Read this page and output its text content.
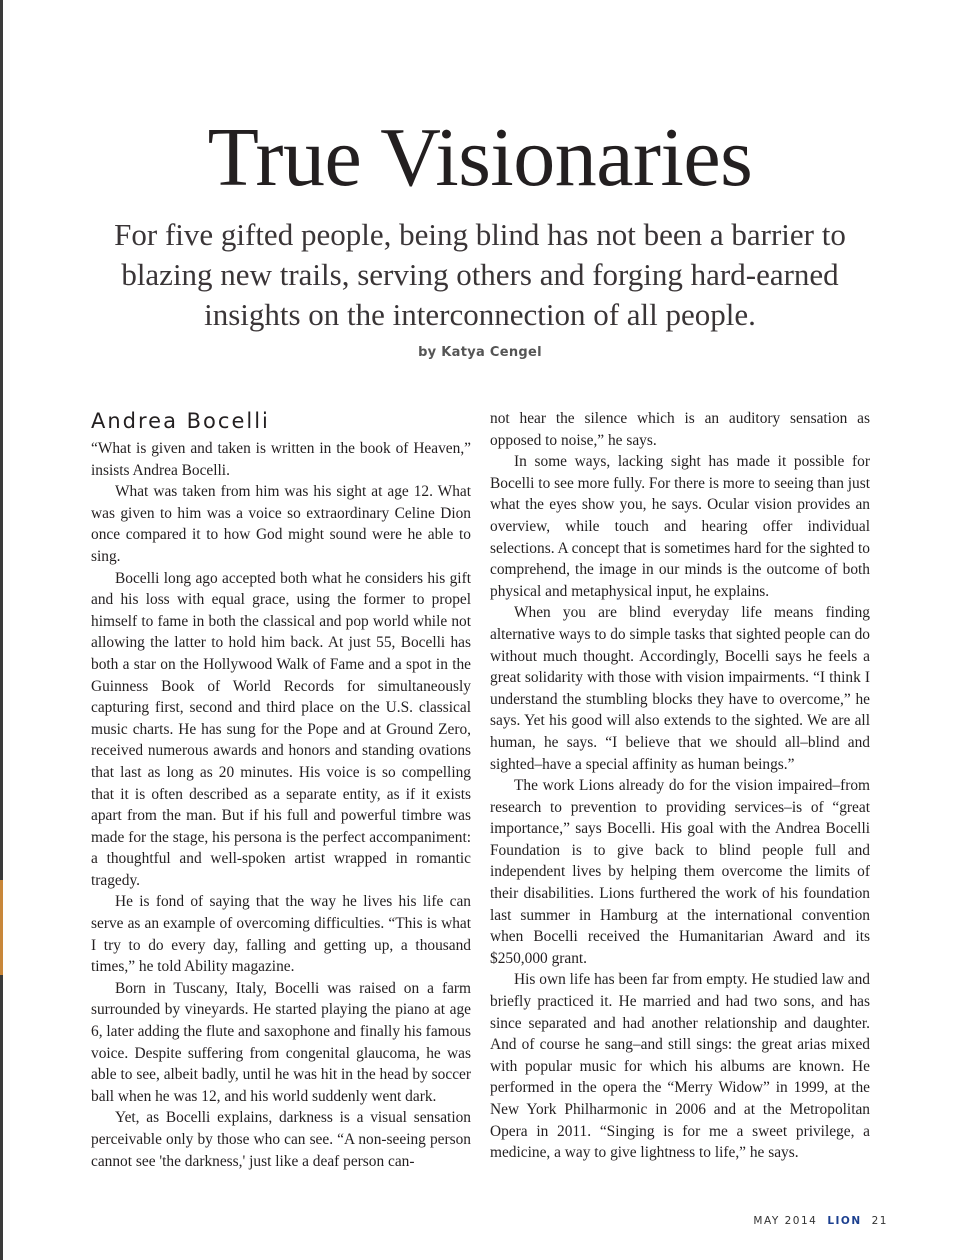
True Visionaries

For five gifted people, being blind has not been a barrier to blazing new trails, serving others and forging hard-earned insights on the interconnection of all people.

by Katya Cengel
Andrea Bocelli

“What is given and taken is written in the book of Heaven,” insists Andrea Bocelli.

What was taken from him was his sight at age 12. What was given to him was a voice so extraordinary Celine Dion once compared it to how God might sound were he able to sing.

Bocelli long ago accepted both what he considers his gift and his loss with equal grace, using the former to propel himself to fame in both the classical and pop world while not allowing the latter to hold him back. At just 55, Bocelli has both a star on the Hollywood Walk of Fame and a spot in the Guinness Book of World Records for simultaneously capturing first, second and third place on the U.S. classical music charts. He has sung for the Pope and at Ground Zero, received numerous awards and honors and standing ovations that last as long as 20 minutes. His voice is so compelling that it is often described as a separate entity, as if it exists apart from the man. But if his full and powerful timbre was made for the stage, his persona is the perfect accompaniment: a thoughtful and well-spoken artist wrapped in romantic tragedy.

He is fond of saying that the way he lives his life can serve as an example of overcoming difficulties. “This is what I try to do every day, falling and getting up, a thousand times,” he told Ability magazine.

Born in Tuscany, Italy, Bocelli was raised on a farm surrounded by vineyards. He started playing the piano at age 6, later adding the flute and saxophone and finally his famous voice. Despite suffering from congenital glaucoma, he was able to see, albeit badly, until he was hit in the head by soccer ball when he was 12, and his world suddenly went dark.

Yet, as Bocelli explains, darkness is a visual sensation perceivable only by those who can see. “A non-seeing person cannot see 'the darkness,' just like a deaf person can-

not hear the silence which is an auditory sensation as opposed to noise,” he says.

In some ways, lacking sight has made it possible for Bocelli to see more fully. For there is more to seeing than just what the eyes show you, he says. Ocular vision provides an overview, while touch and hearing offer individual selections. A concept that is sometimes hard for the sighted to comprehend, the image in our minds is the outcome of both physical and metaphysical input, he explains.

When you are blind everyday life means finding alternative ways to do simple tasks that sighted people can do without much thought. Accordingly, Bocelli says he feels a great solidarity with those with vision impairments. “I think I understand the stumbling blocks they have to overcome,” he says. Yet his good will also extends to the sighted. We are all human, he says. “I believe that we should all–blind and sighted–have a special affinity as human beings.”

The work Lions already do for the vision impaired–from research to prevention to providing services–is of “great importance,” says Bocelli. His goal with the Andrea Bocelli Foundation is to give back to blind people full and independent lives by helping them overcome the limits of their disabilities. Lions furthered the work of his foundation last summer in Hamburg at the international convention when Bocelli received the Humanitarian Award and its $250,000 grant.

His own life has been far from empty. He studied law and briefly practiced it. He married and had two sons, and has since separated and had another relationship and daughter. And of course he sang–and still sings: the great arias mixed with popular music for which his albums are known. He performed in the opera the “Merry Widow” in 1999, at the New York Philharmonic in 2006 and at the Metropolitan Opera in 2011. “Singing is for me a sweet privilege, a medicine, a way to give lightness to life,” he says.

MAY 2014 LION 21
